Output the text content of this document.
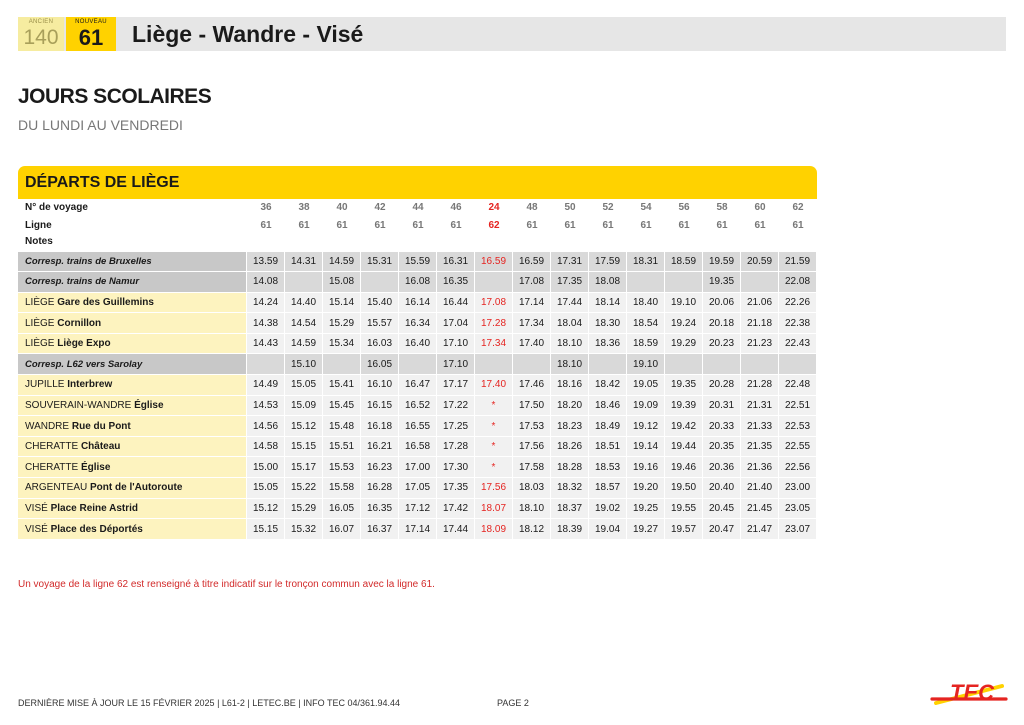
ANCIEN
140
NOUVEAU
61	Liège - Wandre - Visé
JOURS SCOLAIRES
DU LUNDI AU VENDREDI
DÉPARTS DE LIÈGE
N° de voyage	36	38	40	42	44	46	24	48	50	52	54	56	58	60	62
Ligne	61	61	61	61	61	61	62	61	61	61	61	61	61	61	61
Notes															
Corresp. trains de Bruxelles	13.59	14.31	14.59	15.31	15.59	16.31	16.59	16.59	17.31	17.59	18.31	18.59	19.59	20.59	21.59
Corresp. trains de Namur	14.08		15.08		16.08	16.35		17.08	17.35	18.08			19.35		22.08
LIÈGE Gare des Guillemins	14.24	14.40	15.14	15.40	16.14	16.44	17.08	17.14	17.44	18.14	18.40	19.10	20.06	21.06	22.26
LIÈGE Cornillon	14.38	14.54	15.29	15.57	16.34	17.04	17.28	17.34	18.04	18.30	18.54	19.24	20.18	21.18	22.38
LIÈGE Liège Expo	14.43	14.59	15.34	16.03	16.40	17.10	17.34	17.40	18.10	18.36	18.59	19.29	20.23	21.23	22.43
Corresp. L62 vers Sarolay		15.10		16.05		17.10			18.10		19.10				
JUPILLE Interbrew	14.49	15.05	15.41	16.10	16.47	17.17	17.40	17.46	18.16	18.42	19.05	19.35	20.28	21.28	22.48
SOUVERAIN-WANDRE Église	14.53	15.09	15.45	16.15	16.52	17.22	*	17.50	18.20	18.46	19.09	19.39	20.31	21.31	22.51
WANDRE Rue du Pont	14.56	15.12	15.48	16.18	16.55	17.25	*	17.53	18.23	18.49	19.12	19.42	20.33	21.33	22.53
CHERATTE Château	14.58	15.15	15.51	16.21	16.58	17.28	*	17.56	18.26	18.51	19.14	19.44	20.35	21.35	22.55
CHERATTE Église	15.00	15.17	15.53	16.23	17.00	17.30	*	17.58	18.28	18.53	19.16	19.46	20.36	21.36	22.56
ARGENTEAU Pont de l'Autoroute	15.05	15.22	15.58	16.28	17.05	17.35	17.56	18.03	18.32	18.57	19.20	19.50	20.40	21.40	23.00
VISÉ Place Reine Astrid	15.12	15.29	16.05	16.35	17.12	17.42	18.07	18.10	18.37	19.02	19.25	19.55	20.45	21.45	23.05
VISÉ Place des Déportés	15.15	15.32	16.07	16.37	17.14	17.44	18.09	18.12	18.39	19.04	19.27	19.57	20.47	21.47	23.07
Un voyage de la ligne 62 est renseigné à titre indicatif sur le tronçon commun avec la ligne 61.
DERNIÈRE MISE À JOUR LE 15 FÉVRIER 2025 | L61-2 | LETEC.BE | INFO TEC 04/361.94.44	PAGE 2	TEC
